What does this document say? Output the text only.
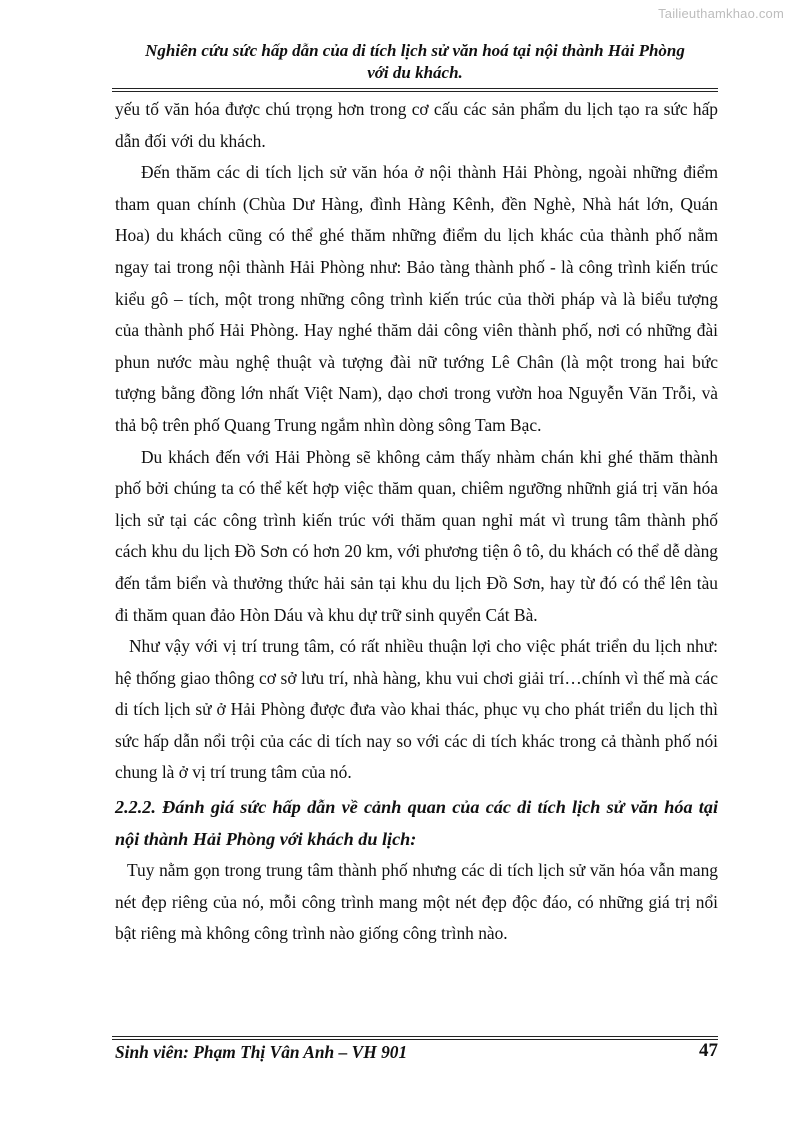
Tailieuthamkhao.com
Nghiên cứu sức hấp dẫn của di tích lịch sử văn hoá tại nội thành Hải Phòng
với du khách.

yếu tố văn hóa được chú trọng hơn trong cơ cấu các sản phẩm du lịch tạo ra sức hấp dẫn đối với du khách.

Đến thăm các di tích lịch sử văn hóa ở nội thành Hải Phòng, ngoài những điểm tham quan chính (Chùa Dư Hàng, đình Hàng Kênh, đền Nghè, Nhà hát lớn, Quán Hoa) du khách cũng có thể ghé thăm những điểm du lịch khác của thành phố nằm ngay tai trong nội thành Hải Phòng như: Bảo tàng thành phố - là công trình kiến trúc kiểu gô – tích, một trong những công trình kiến trúc của thời pháp và là biểu tượng của thành phố Hải Phòng. Hay nghé thăm dải công viên thành phố, nơi có những đài phun nước màu nghệ thuật và tượng đài nữ tướng Lê Chân (là một trong hai bức tượng bằng đồng lớn nhất Việt Nam), dạo chơi trong vườn hoa Nguyễn Văn Trỗi, và thả bộ trên phố Quang Trung ngắm nhìn dòng sông Tam Bạc.

Du khách đến với Hải Phòng sẽ không cảm thấy nhàm chán khi ghé thăm thành phố bởi chúng ta có thể kết hợp việc thăm quan, chiêm ngưỡng nhữnh giá trị văn hóa lịch sử tại các công trình kiến trúc với thăm quan nghỉ mát vì trung tâm thành phố cách khu du lịch Đồ Sơn có hơn 20 km, với phương tiện ô tô, du khách có thể dễ dàng đến tắm biển và thưởng thức hải sản tại khu du lịch Đồ Sơn, hay từ đó có thể lên tàu đi thăm quan đảo Hòn Dáu và khu dự trữ sinh quyển Cát Bà.

Như vậy với vị trí trung tâm, có rất nhiều thuận lợi cho việc phát triển du lịch như: hệ thống giao thông cơ sở lưu trí, nhà hàng, khu vui chơi giải trí…chính vì thế mà các di tích lịch sử ở Hải Phòng được đưa vào khai thác, phục vụ cho phát triển du lịch thì sức hấp dẫn nổi trội của các di tích nay so với các di tích khác trong cả thành phố nói chung là ở vị trí trung tâm của nó.

2.2.2. Đánh giá sức hấp dẫn về cảnh quan của các di tích lịch sử văn hóa tại nội thành Hải Phòng với khách du lịch:

Tuy nằm gọn trong trung tâm thành phố nhưng các di tích lịch sử văn hóa vẫn mang nét đẹp riêng của nó, mỗi công trình mang một nét đẹp độc đáo, có những giá trị nổi bật riêng mà không công trình nào giống công trình nào.

Sinh viên: Phạm Thị Vân Anh – VH 901	47
